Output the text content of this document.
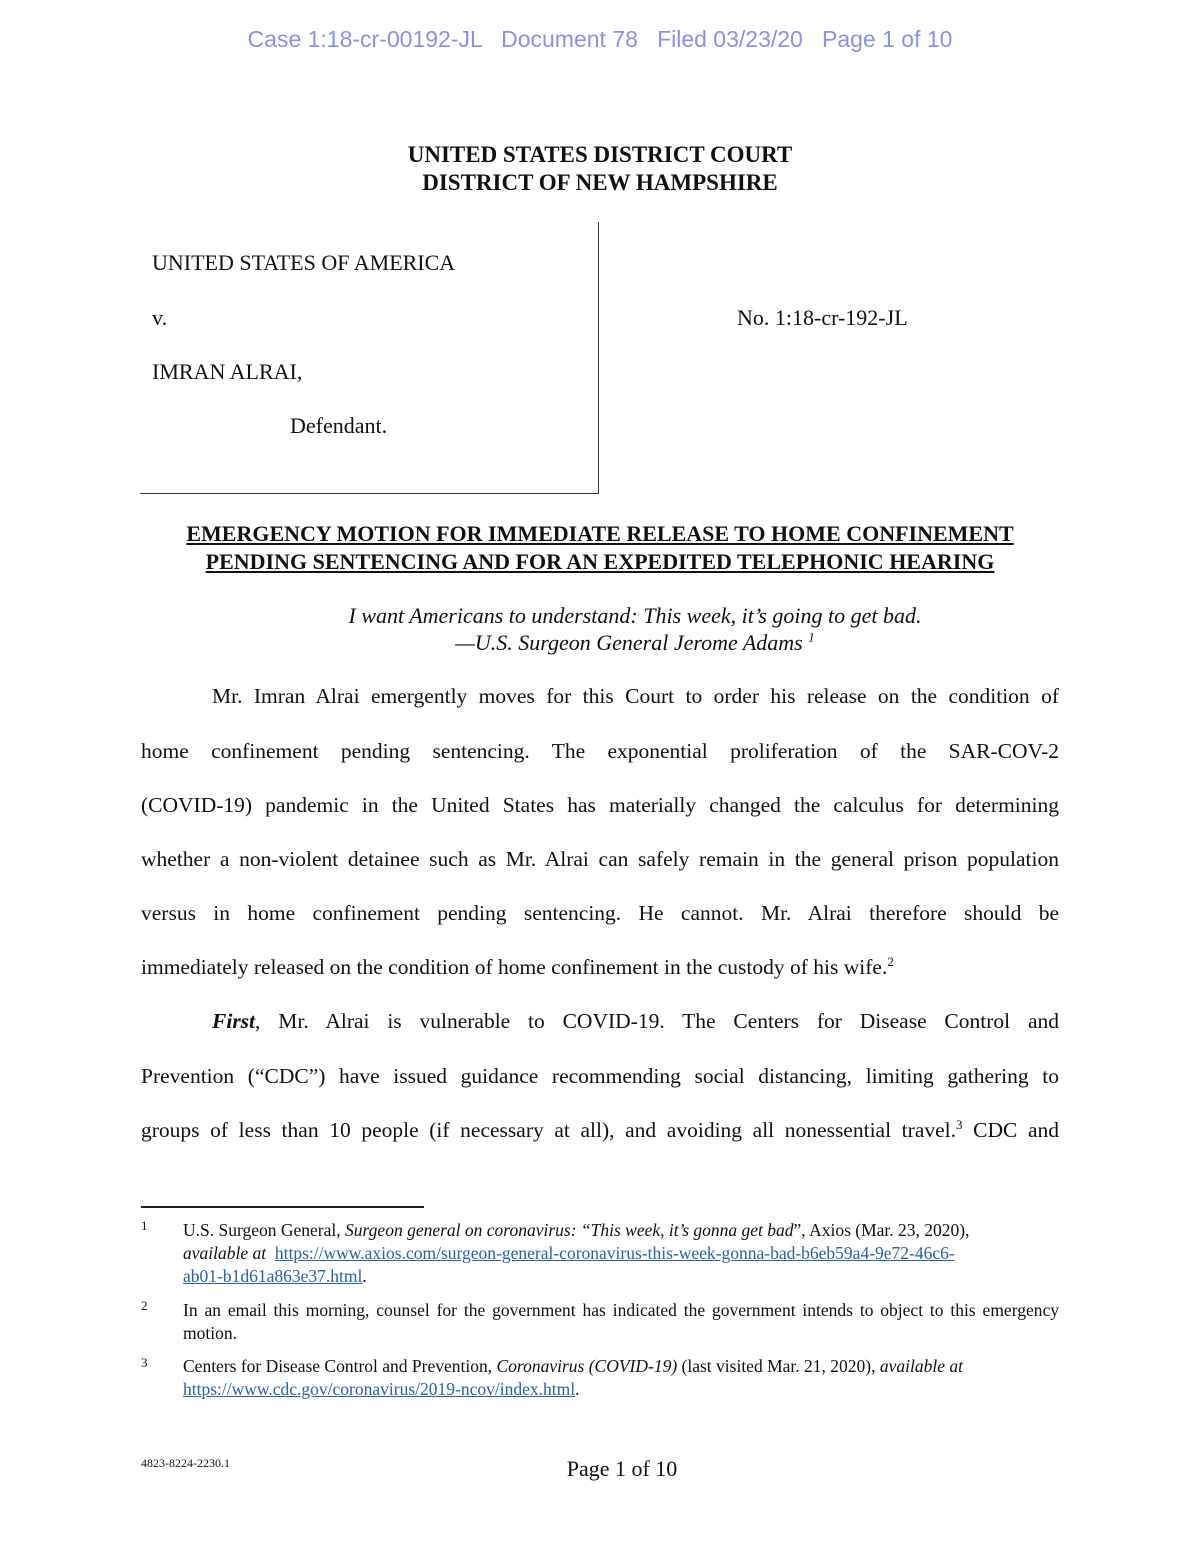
Case 1:18-cr-00192-JL   Document 78   Filed 03/23/20   Page 1 of 10
UNITED STATES DISTRICT COURT
DISTRICT OF NEW HAMPSHIRE
UNITED STATES OF AMERICA
v.
IMRAN ALRAI,
Defendant.
No. 1:18-cr-192-JL
EMERGENCY MOTION FOR IMMEDIATE RELEASE TO HOME CONFINEMENT
PENDING SENTENCING AND FOR AN EXPEDITED TELEPHONIC HEARING
I want Americans to understand: This week, it’s going to get bad.
—U.S. Surgeon General Jerome Adams $^1$
Mr. Imran Alrai emergently moves for this Court to order his release on the condition of
home confinement pending sentencing. The exponential proliferation of the SAR-COV-2
(COVID-19) pandemic in the United States has materially changed the calculus for determining
whether a non-violent detainee such as Mr. Alrai can safely remain in the general prison population
versus in home confinement pending sentencing. He cannot. Mr. Alrai therefore should be
immediately released on the condition of home confinement in the custody of his wife.$^2$
First, Mr. Alrai is vulnerable to COVID-19. The Centers for Disease Control and
Prevention (“CDC”) have issued guidance recommending social distancing, limiting gathering to
groups of less than 10 people (if necessary at all), and avoiding all nonessential travel.$^3$ CDC and
1 U.S. Surgeon General, Surgeon general on coronavirus: “This week, it’s gonna get bad”, Axios (Mar. 23, 2020),
available at https://www.axios.com/surgeon-general-coronavirus-this-week-gonna-bad-b6eb59a4-9e72-46c6-
ab01-b1d61a863e37.html.
2 In an email this morning, counsel for the government has indicated the government intends to object to this emergency motion.
3 Centers for Disease Control and Prevention, Coronavirus (COVID-19) (last visited Mar. 21, 2020), available at
https://www.cdc.gov/coronavirus/2019-ncov/index.html.
4823-8224-2230.1	Page 1 of 10
